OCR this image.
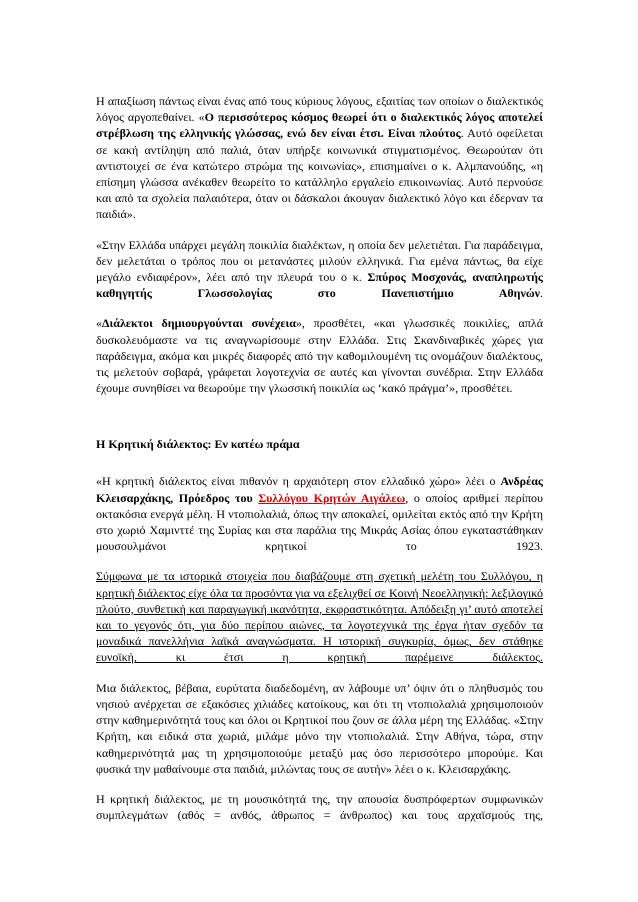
Η απαξίωση πάντως είναι ένας από τους κύριους λόγους, εξαιτίας των οποίων ο διαλεκτικός λόγος αργοπεθαίνει. «Ο περισσότερος κόσμος θεωρεί ότι ο διαλεκτικός λόγος αποτελεί στρέβλωση της ελληνικής γλώσσας, ενώ δεν είναι έτσι. Είναι πλούτος. Αυτό οφείλεται σε κακή αντίληψη από παλιά, όταν υπήρξε κοινωνικά στιγματισμένος. Θεωρούταν ότι αντιστοιχεί σε ένα κατώτερο στρώμα της κοινωνίας», επισημαίνει ο κ. Αλμπανούδης, «η επίσημη γλώσσα ανέκαθεν θεωρείτο το κατάλληλο εργαλείο επικοινωνίας. Αυτό περνούσε και από τα σχολεία παλαιότερα, όταν οι δάσκαλοι άκουγαν διαλεκτικό λόγο και έδερναν τα παιδιά».

«Στην Ελλάδα υπάρχει μεγάλη ποικιλία διαλέκτων, η οποία δεν μελετιέται. Για παράδειγμα, δεν μελετάται ο τρόπος που οι μετανάστες μιλούν ελληνικά. Για εμένα πάντως, θα είχε μεγάλο ενδιαφέρον», λέει από την πλευρά του ο κ. Σπύρος Μοσχονάς, αναπληρωτής καθηγητής Γλωσσολογίας στο Πανεπιστήμιο Αθηνών.

«Διάλεκτοι δημιουργούνται συνέχεια», προσθέτει, «και γλωσσικές ποικιλίες, απλά δυσκολευόμαστε να τις αναγνωρίσουμε στην Ελλάδα. Στις Σκανδιναβικές χώρες για παράδειγμα, ακόμα και μικρές διαφορές από την καθομιλουμένη τις ονομάζουν διαλέκτους, τις μελετούν σοβαρά, γράφεται λογοτεχνία σε αυτές και γίνονται συνέδρια. Στην Ελλάδα έχουμε συνηθίσει να θεωρούμε την γλωσσική ποικιλία ως ‘κακό πράγμα’», προσθέτει.

Η Κρητική διάλεκτος: Εν κατέω πράμα

«Η κρητική διάλεκτος είναι πιθανόν η αρχαιότερη στον ελλαδικό χώρο» λέει ο Ανδρέας Κλεισαρχάκης, Πρόεδρος του Συλλόγου Κρητών Αιγάλεω, ο οποίος αριθμεί περίπου οκτακόσια ενεργά μέλη. Η ντοπιολαλιά, όπως την αποκαλεί, ομιλείται εκτός από την Κρήτη στο χωριό Χαμινττέ της Συρίας και στα παράλια της Μικράς Ασίας όπου εγκαταστάθηκαν μουσουλμάνοι κρητικοί το 1923.

Σύμφωνα με τα ιστορικά στοιχεία που διαβάζουμε στη σχετική μελέτη του Συλλόγου, η κρητική διάλεκτος είχε όλα τα προσόντα για να εξελιχθεί σε Κοινή Νεοελληνική: λεξιλογικό πλούτο, συνθετική και παραγωγική ικανότητα, εκφραστικότητα. Απόδειξη γι’ αυτό αποτελεί και το γεγονός ότι, για δύο περίπου αιώνες, τα λογοτεχνικά της έργα ήταν σχεδόν τα μοναδικά πανελλήνια λαϊκά αναγνώσματα. Η ιστορική συγκυρία, όμως, δεν στάθηκε ευνοϊκή, κι έτσι η κρητική παρέμεινε διάλεκτος.

Μια διάλεκτος, βέβαια, ευρύτατα διαδεδομένη, αν λάβουμε υπ’ όψιν ότι ο πληθυσμός του νησιού ανέρχεται σε εξακόσιες χιλιάδες κατοίκους, και ότι τη ντοπιολαλιά χρησιμοποιούν στην καθημερινότητά τους και όλοι οι Κρητικοί που ζουν σε άλλα μέρη της Ελλάδας. «Στην Κρήτη, και ειδικά στα χωριά, μιλάμε μόνο την ντοπιολαλιά. Στην Αθήνα, τώρα, στην καθημερινότητά μας τη χρησιμοποιούμε μεταξύ μας όσο περισσότερο μπορούμε. Και φυσικά την μαθαίνουμε στα παιδιά, μιλώντας τους σε αυτήν» λέει ο κ. Κλεισαρχάκης.

Η κρητική διάλεκτος, με τη μουσικότητά της, την απουσία δυσπρόφερτων συμφωνικών συμπλεγμάτων (αθός = ανθός, άθρωπος = άνθρωπος) και τους αρχαϊσμούς της,
